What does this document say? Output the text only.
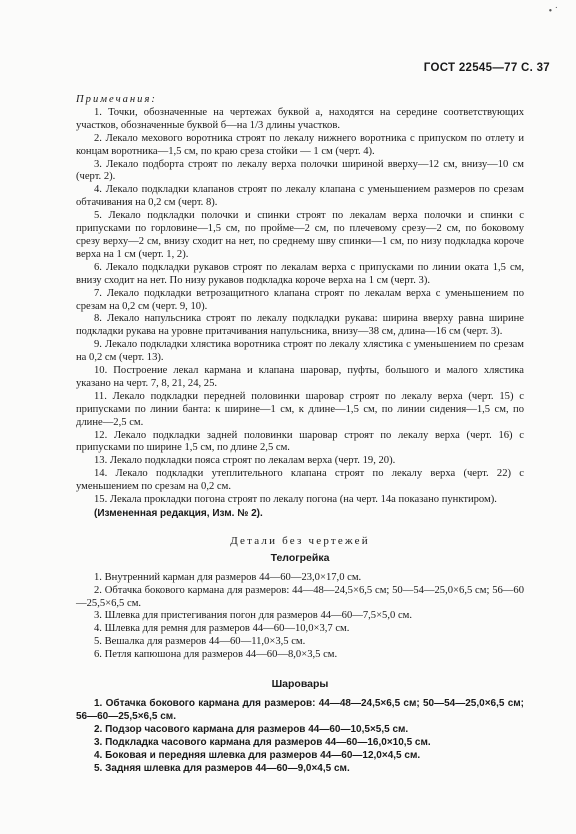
• ˙
ГОСТ 22545—77 С. 37
Примечания:

1. Точки, обозначенные на чертежах буквой а, находятся на середине соответствующих участков, обозначенные буквой б—на 1/3 длины участков.

2. Лекало мехового воротника строят по лекалу нижнего воротника с припуском по отлету и концам воротника—1,5 см, по краю среза стойки — 1 см (черт. 4).

3. Лекало подборта строят по лекалу верха полочки шириной вверху—12 см, внизу—10 см (черт. 2).

4. Лекало подкладки клапанов строят по лекалу клапана с уменьшением размеров по срезам обтачивания на 0,2 см (черт. 8).

5. Лекало подкладки полочки и спинки строят по лекалам верха полочки и спинки с припусками по горловине—1,5 см, по пройме—2 см, по плечевому срезу—2 см, по боковому срезу верху—2 см, внизу сходит на нет, по среднему шву спинки—1 см, по низу подкладка короче верха на 1 см (черт. 1, 2).

6. Лекало подкладки рукавов строят по лекалам верха с припусками по линии оката 1,5 см, внизу сходит на нет. По низу рукавов подкладка короче верха на 1 см (черт. 3).

7. Лекало подкладки ветрозащитного клапана строят по лекалам верха с уменьшением по срезам на 0,2 см (черт. 9, 10).

8. Лекало напульсника строят по лекалу подкладки рукава: ширина вверху равна ширине подкладки рукава на уровне притачивания напульсника, внизу—38 см, длина—16 см (черт. 3).

9. Лекало подкладки хлястика воротника строят по лекалу хлястика с уменьшением по срезам на 0,2 см (черт. 13).

10. Построение лекал кармана и клапана шаровар, пуфты, большого и малого хлястика указано на черт. 7, 8, 21, 24, 25.

11. Лекало подкладки передней половинки шаровар строят по лекалу верха (черт. 15) с припусками по линии банта: к ширине—1 см, к длине—1,5 см, по линии сидения—1,5 см, по длине—2,5 см.

12. Лекало подкладки задней половинки шаровар строят по лекалу верха (черт. 16) с припусками по ширине 1,5 см, по длине 2,5 см.

13. Лекало подкладки пояса строят по лекалам верха (черт. 19, 20).

14. Лекало подкладки утеплительного клапана строят по лекалу верха (черт. 22) с уменьшением по срезам на 0,2 см.

15. Лекала прокладки погона строят по лекалу погона (на черт. 14а показано пунктиром).

(Измененная редакция, Изм. № 2).
Детали без чертежей
Телогрейка

1. Внутренний карман для размеров 44—60—23,0×17,0 см.

2. Обтачка бокового кармана для размеров: 44—48—24,5×6,5 см; 50—54—25,0×6,5 см; 56—60—25,5×6,5 см.

3. Шлевка для пристегивания погон для размеров 44—60—7,5×5,0 см.

4. Шлевка для ремня для размеров 44—60—10,0×3,7 см.

5. Вешалка для размеров 44—60—11,0×3,5 см.

6. Петля капюшона для размеров 44—60—8,0×3,5 см.

Шаровары

1. Обтачка бокового кармана для размеров: 44—48—24,5×6,5 см; 50—54—25,0×6,5 см; 56—60—25,5×6,5 см.

2. Подзор часового кармана для размеров 44—60—10,5×5,5 см.

3. Подкладка часового кармана для размеров 44—60—16,0×10,5 см.

4. Боковая и передняя шлевка для размеров 44—60—12,0×4,5 см.

5. Задняя шлевка для размеров 44—60—9,0×4,5 см.
